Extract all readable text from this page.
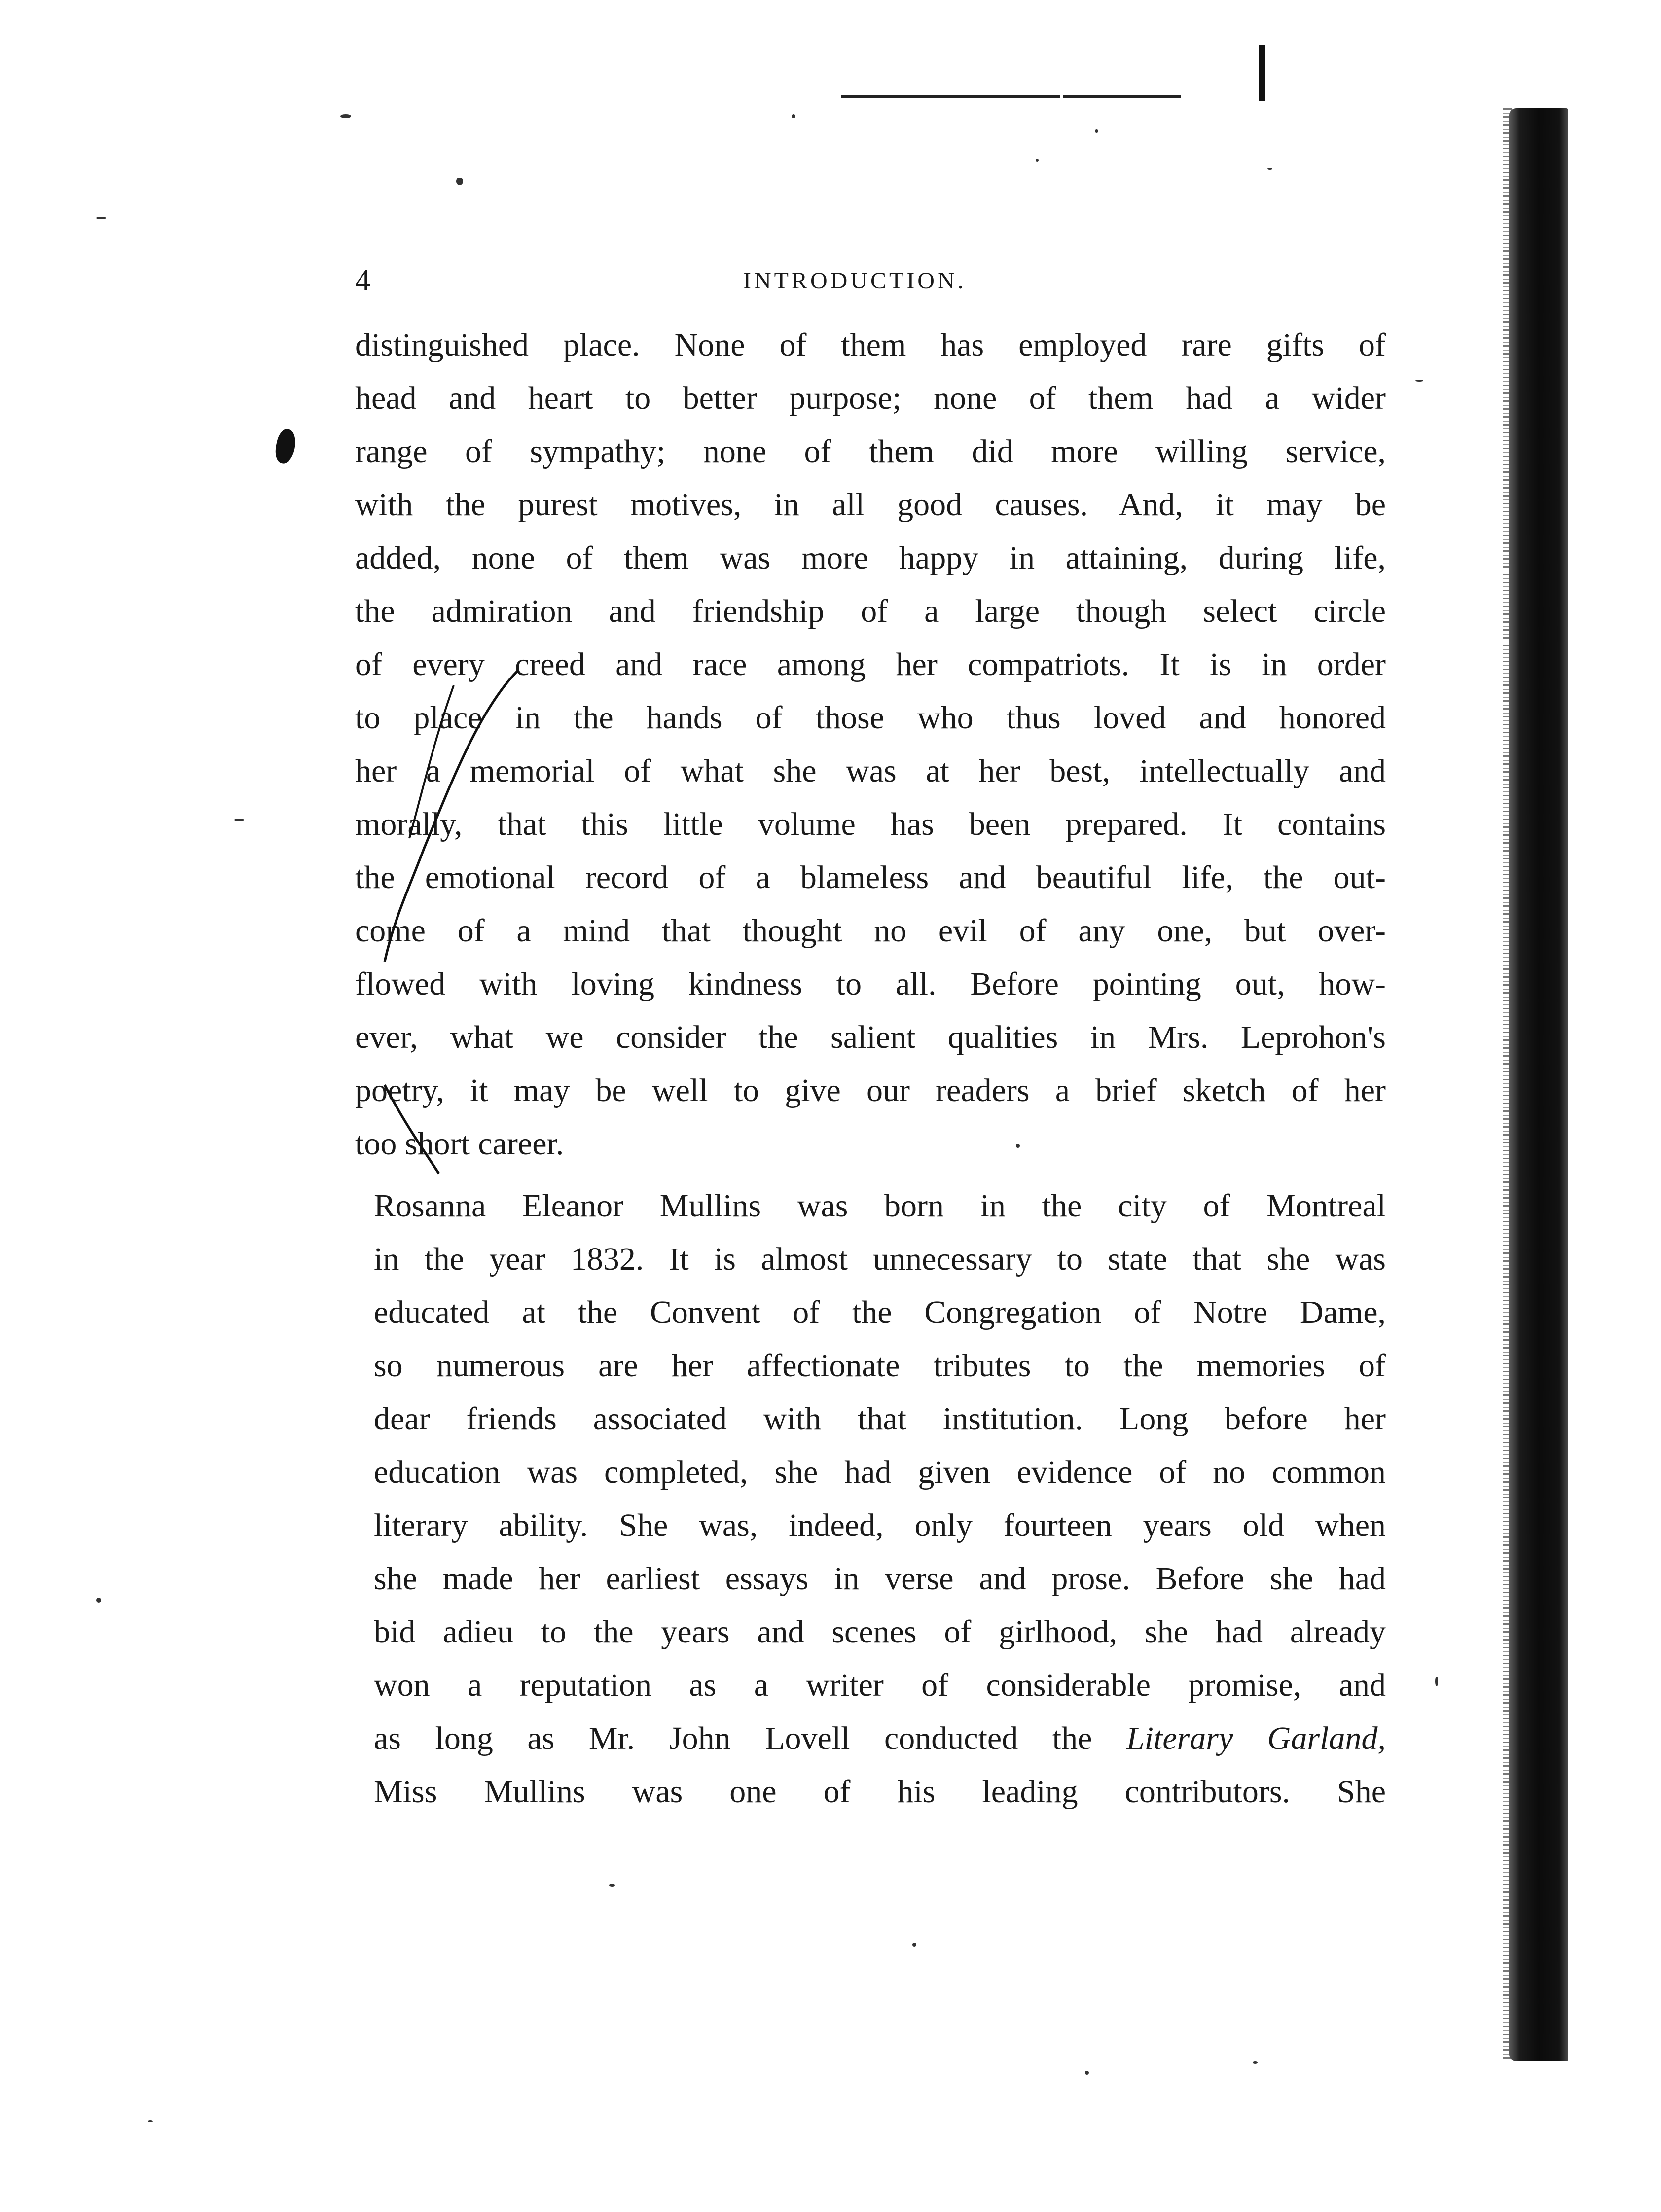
4	INTRODUCTION.
distinguished place. None of them has employed rare gifts of
head and heart to better purpose; none of them had a wider
range of sympathy; none of them did more willing service,
with the purest motives, in all good causes. And, it may be
added, none of them was more happy in attaining, during life,
the admiration and friendship of a large though select circle
of every creed and race among her compatriots. It is in order
to place in the hands of those who thus loved and honored
her a memorial of what she was at her best, intellectually and
morally, that this little volume has been prepared. It contains
the emotional record of a blameless and beautiful life, the out-
come of a mind that thought no evil of any one, but over-
flowed with loving kindness to all. Before pointing out, how-
ever, what we consider the salient qualities in Mrs. Leprohon's
poetry, it may be well to give our readers a brief sketch of her
too short career.
Rosanna Eleanor Mullins was born in the city of Montreal
in the year 1832. It is almost unnecessary to state that she was
educated at the Convent of the Congregation of Notre Dame,
so numerous are her affectionate tributes to the memories of
dear friends associated with that institution. Long before her
education was completed, she had given evidence of no common
literary ability. She was, indeed, only fourteen years old when
she made her earliest essays in verse and prose. Before she had
bid adieu to the years and scenes of girlhood, she had already
won a reputation as a writer of considerable promise, and
as long as Mr. John Lovell conducted the Literary Garland,
Miss Mullins was one of his leading contributors. She
